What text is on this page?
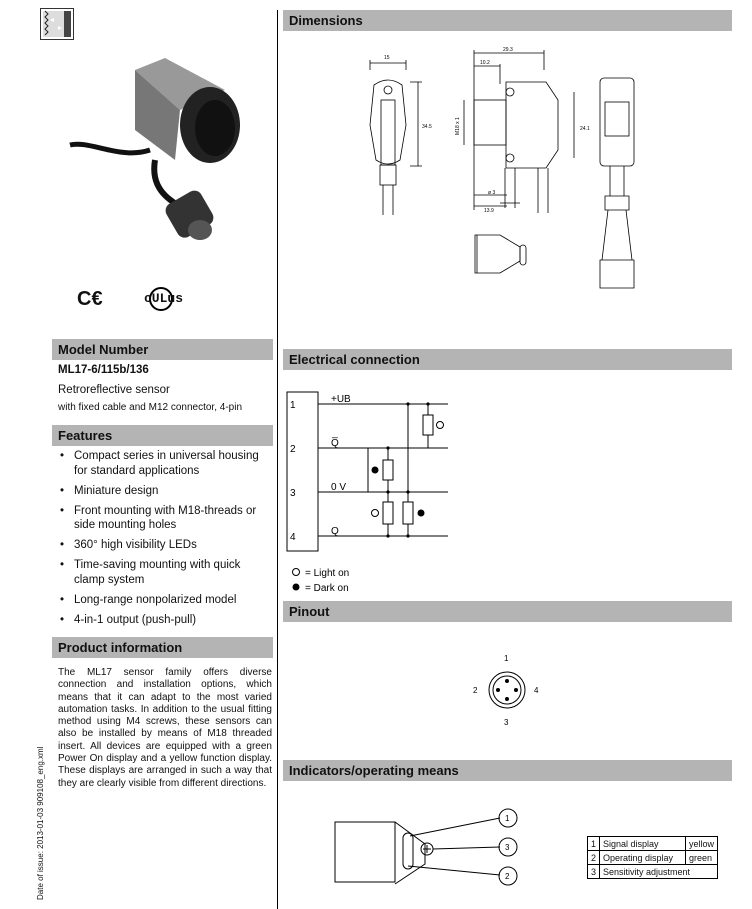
C€	cULus
Model Number
ML17-6/115b/136
Retroreflective sensor
with fixed cable and M12 connector, 4-pin
Features
• Compact series in universal housing for standard applications
• Miniature design
• Front mounting with M18-threads or side mounting holes
• 360° high visibility LEDs
• Time-saving mounting with quick clamp system
• Long-range nonpolarized model
• 4-in-1 output (push-pull)
Product information
The ML17 sensor family offers diverse connection and installation options, which means that it can adapt to the most varied automation tasks. In addition to the usual fitting method using M4 screws, these sensors can also be installed by means of M18 threaded insert. All devices are equipped with a green Power On display and a yellow function display. These displays are arranged in such a way that they are clearly visible from different directions.
Date of issue: 2013-01-03 909108_eng.xml
Dimensions
15
34.5
29.3
10.2
M18 x 1	24.1
ø 3
13.9
Electrical connection
1
2
3
4
+UB
Q̅
0 V
Q
= Light on
= Dark on
Pinout
1
2
3
4
Indicators/operating means
1
3
2
1	Signal display	yellow
2	Operating display	green
3	Sensitivity adjustment	
